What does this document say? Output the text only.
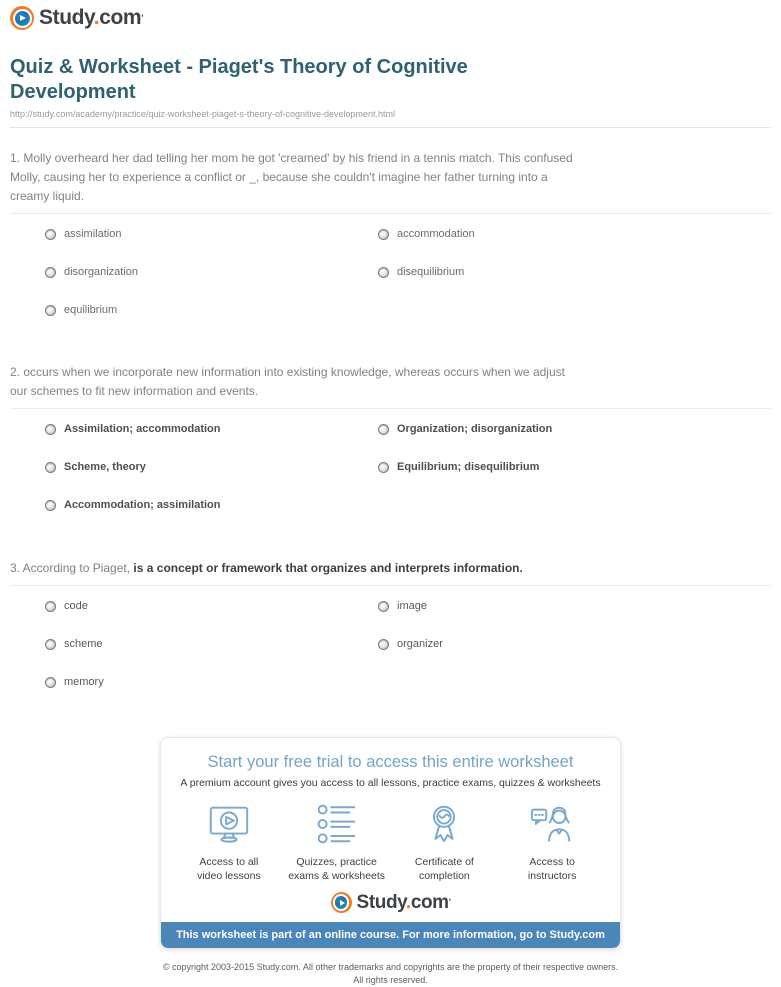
Study.com'
Quiz & Worksheet - Piaget's Theory of Cognitive Development
http://study.com/academy/practice/quiz-worksheet-piaget-s-theory-of-cognitive-development.html

1. Molly overheard her dad telling her mom he got 'creamed' by his friend in a tennis match. This confused Molly, causing her to experience a conflict or _, because she couldn't imagine her father turning into a creamy liquid.

assimilation	accommodation
disorganization	disequilibrium
equilibrium

2. occurs when we incorporate new information into existing knowledge, whereas occurs when we adjust our schemes to fit new information and events.

Assimilation; accommodation	Organization; disorganization
Scheme, theory	Equilibrium; disequilibrium
Accommodation; assimilation

3. According to Piaget, is a concept or framework that organizes and interprets information.

code	image
scheme	organizer
memory
Start your free trial to access this entire worksheet
A premium account gives you access to all lessons, practice exams, quizzes & worksheets
Access to all
video lessons
Quizzes, practice
exams & worksheets
Certificate of
completion
Access to
instructors
Study.com'
This worksheet is part of an online course. For more information, go to Study.com
© copyright 2003-2015 Study.com. All other trademarks and copyrights are the property of their respective owners.
All rights reserved.
